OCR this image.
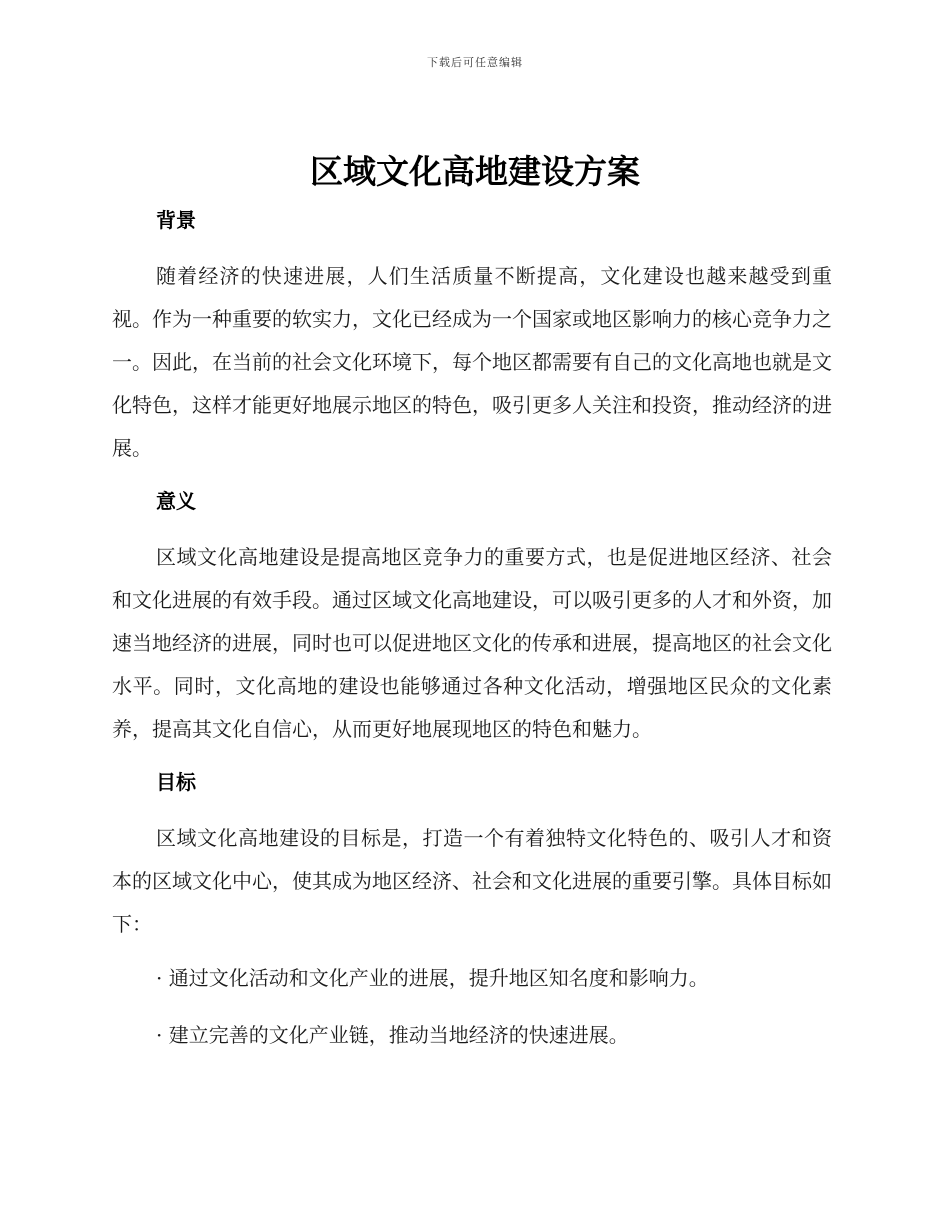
下载后可任意编辑
区域文化高地建设方案
背景

随着经济的快速进展，人们生活质量不断提高，文化建设也越来越受到重视。作为一种重要的软实力，文化已经成为一个国家或地区影响力的核心竞争力之一。因此，在当前的社会文化环境下，每个地区都需要有自己的文化高地也就是文化特色，这样才能更好地展示地区的特色，吸引更多人关注和投资，推动经济的进展。

意义

区域文化高地建设是提高地区竞争力的重要方式，也是促进地区经济、社会和文化进展的有效手段。通过区域文化高地建设，可以吸引更多的人才和外资，加速当地经济的进展，同时也可以促进地区文化的传承和进展，提高地区的社会文化水平。同时，文化高地的建设也能够通过各种文化活动，增强地区民众的文化素养，提高其文化自信心，从而更好地展现地区的特色和魅力。

目标

区域文化高地建设的目标是，打造一个有着独特文化特色的、吸引人才和资本的区域文化中心，使其成为地区经济、社会和文化进展的重要引擎。具体目标如下：

· 通过文化活动和文化产业的进展，提升地区知名度和影响力。
· 建立完善的文化产业链，推动当地经济的快速进展。
